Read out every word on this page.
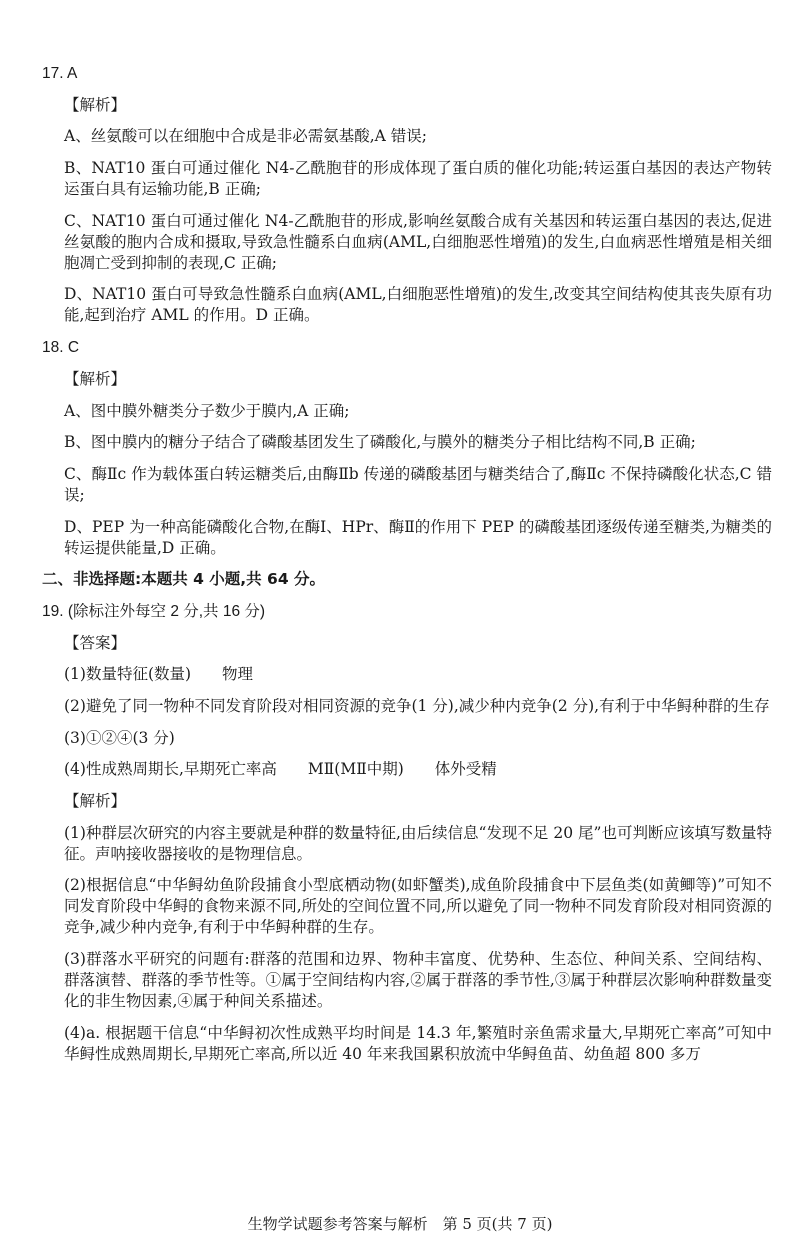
17. A
【解析】
A、丝氨酸可以在细胞中合成是非必需氨基酸,A 错误;
B、NAT10 蛋白可通过催化 N4-乙酰胞苷的形成体现了蛋白质的催化功能;转运蛋白基因的表达产物转运蛋白具有运输功能,B 正确;
C、NAT10 蛋白可通过催化 N4-乙酰胞苷的形成,影响丝氨酸合成有关基因和转运蛋白基因的表达,促进丝氨酸的胞内合成和摄取,导致急性髓系白血病(AML,白细胞恶性增殖)的发生,白血病恶性增殖是相关细胞凋亡受到抑制的表现,C 正确;
D、NAT10 蛋白可导致急性髓系白血病(AML,白细胞恶性增殖)的发生,改变其空间结构使其丧失原有功能,起到治疗 AML 的作用。D 正确。
18. C
【解析】
A、图中膜外糖类分子数少于膜内,A 正确;
B、图中膜内的糖分子结合了磷酸基团发生了磷酸化,与膜外的糖类分子相比结构不同,B 正确;
C、酶Ⅱc 作为载体蛋白转运糖类后,由酶Ⅱb 传递的磷酸基团与糖类结合了,酶Ⅱc 不保持磷酸化状态,C 错误;
D、PEP 为一种高能磷酸化合物,在酶Ⅰ、HPr、酶Ⅱ的作用下 PEP 的磷酸基团逐级传递至糖类,为糖类的转运提供能量,D 正确。
二、非选择题:本题共 4 小题,共 64 分。
19. (除标注外每空 2 分,共 16 分)
【答案】
(1)数量特征(数量)　　物理
(2)避免了同一物种不同发育阶段对相同资源的竞争(1 分),减少种内竞争(2 分),有利于中华鲟种群的生存
(3)①②④(3 分)
(4)性成熟周期长,早期死亡率高　　MⅡ(MⅡ中期)　　体外受精
【解析】
(1)种群层次研究的内容主要就是种群的数量特征,由后续信息“发现不足 20 尾”也可判断应该填写数量特征。声呐接收器接收的是物理信息。
(2)根据信息“中华鲟幼鱼阶段捕食小型底栖动物(如虾蟹类),成鱼阶段捕食中下层鱼类(如黄鲫等)”可知不同发育阶段中华鲟的食物来源不同,所处的空间位置不同,所以避免了同一物种不同发育阶段对相同资源的竞争,减少种内竞争,有利于中华鲟种群的生存。
(3)群落水平研究的问题有:群落的范围和边界、物种丰富度、优势种、生态位、种间关系、空间结构、群落演替、群落的季节性等。①属于空间结构内容,②属于群落的季节性,③属于种群层次影响种群数量变化的非生物因素,④属于种间关系描述。
(4)a. 根据题干信息“中华鲟初次性成熟平均时间是 14.3 年,繁殖时亲鱼需求量大,早期死亡率高”可知中华鲟性成熟周期长,早期死亡率高,所以近 40 年来我国累积放流中华鲟鱼苗、幼鱼超 800 多万
生物学试题参考答案与解析　第 5 页(共 7 页)
